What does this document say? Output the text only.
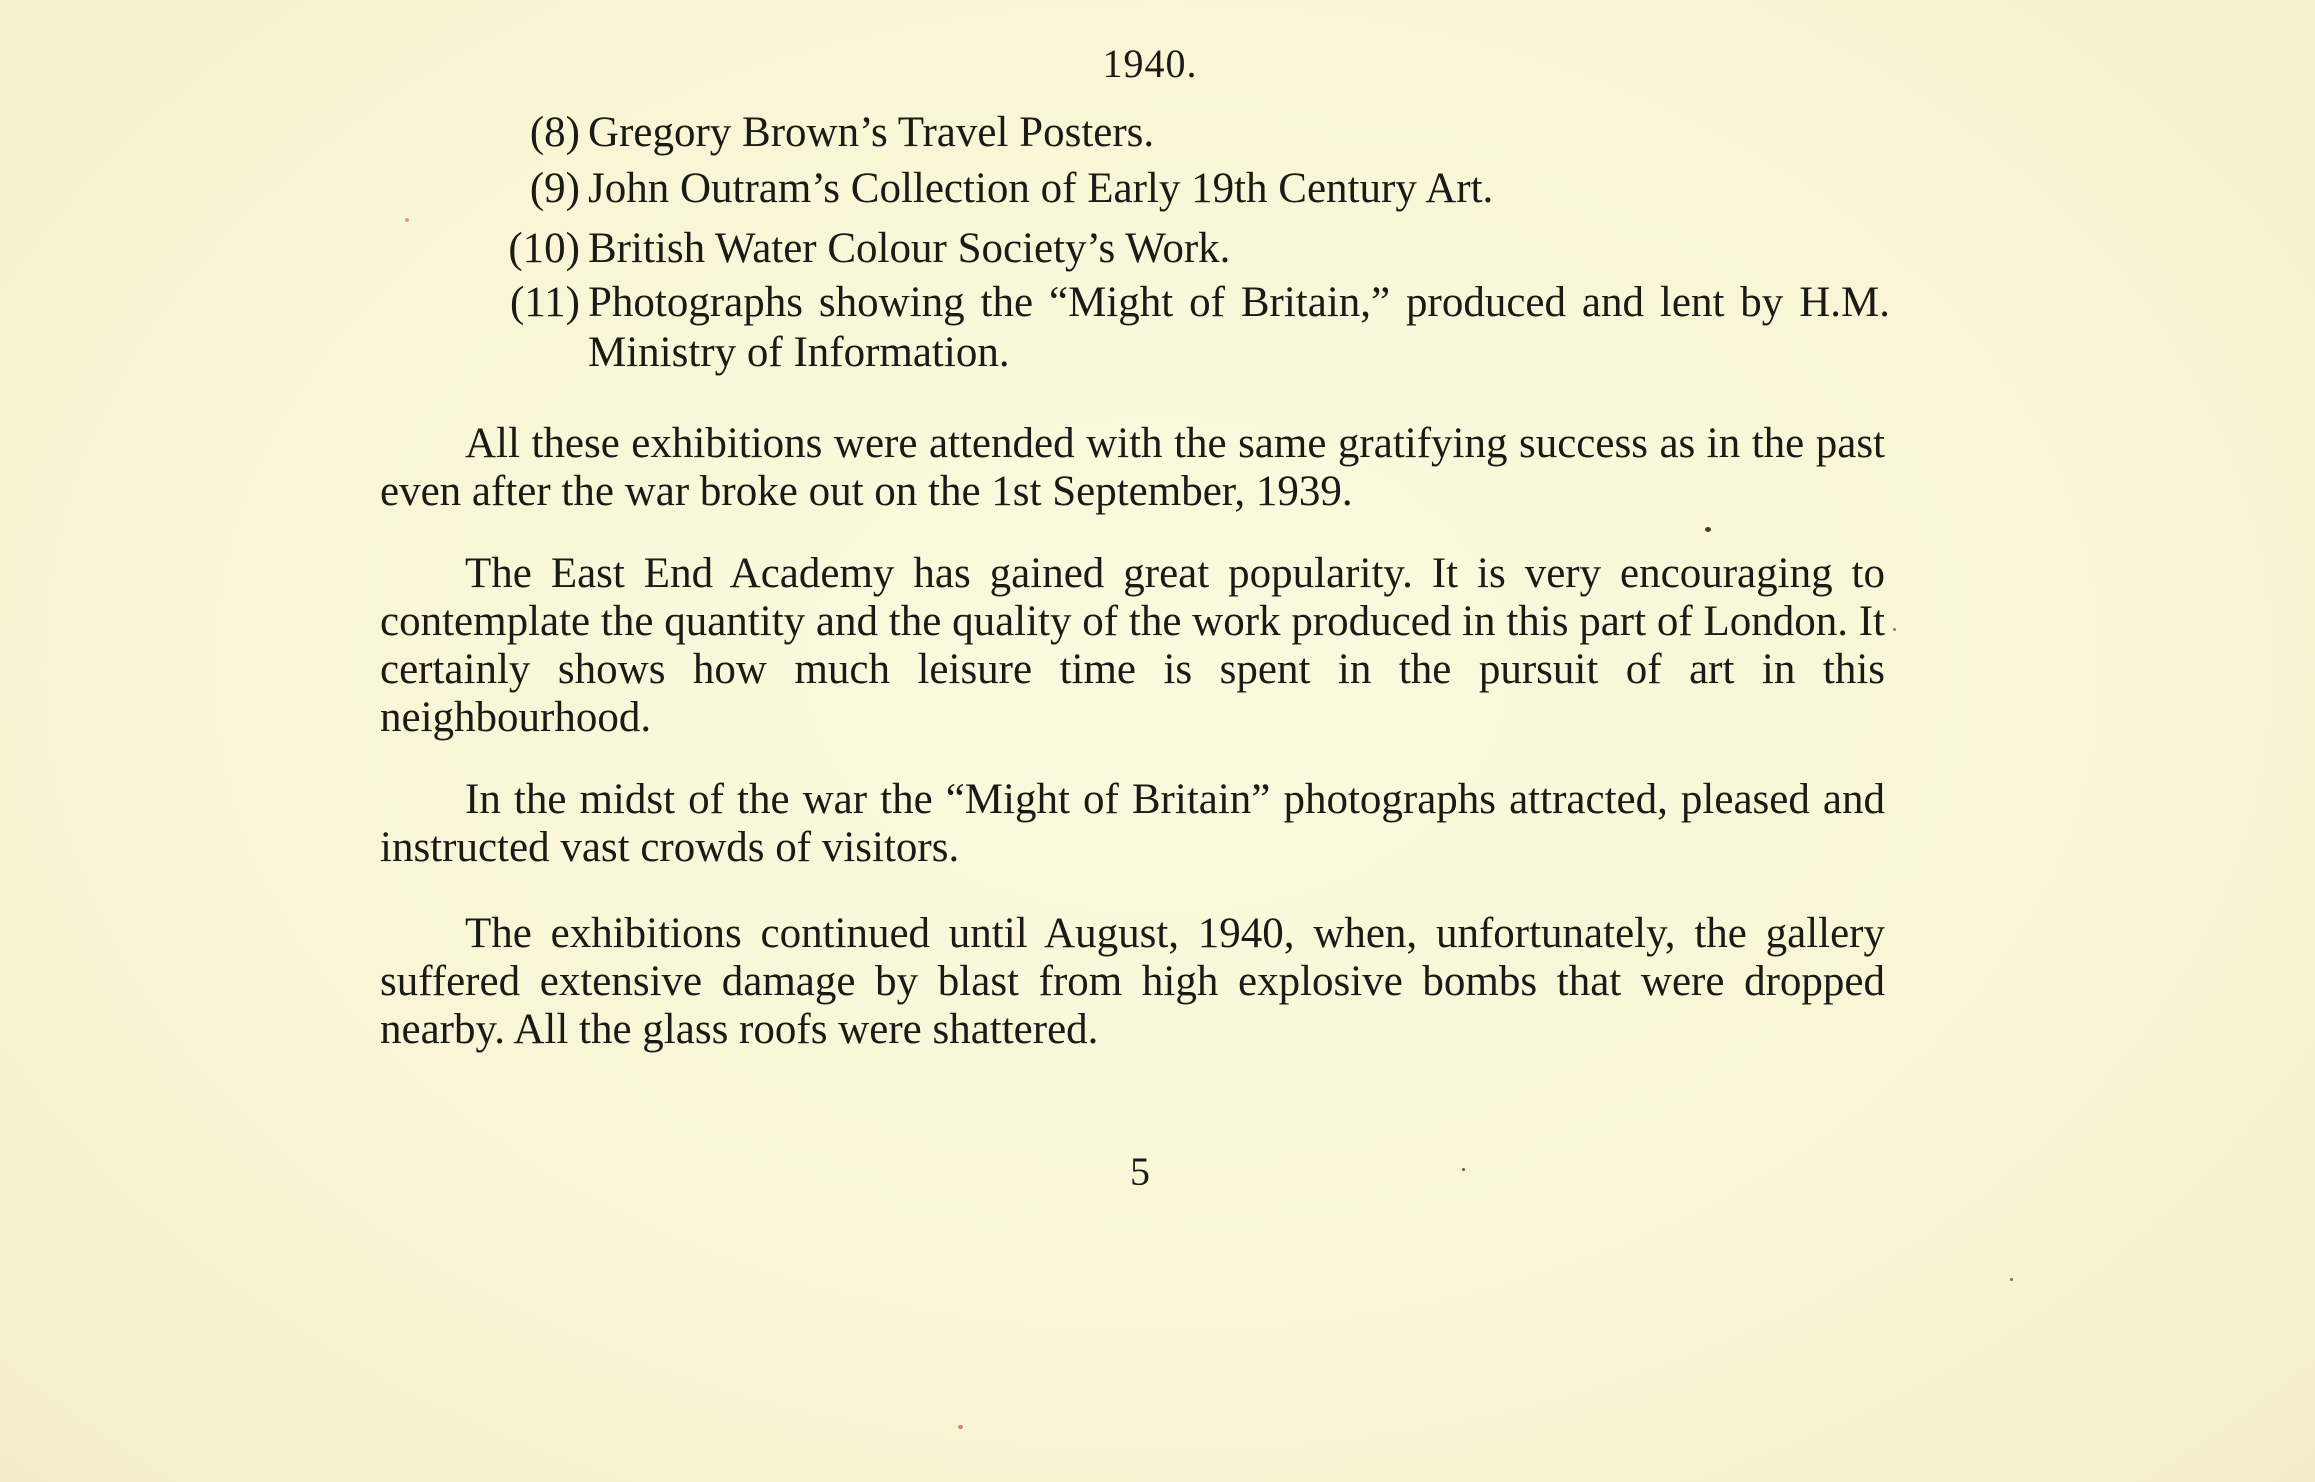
1940.
(8) Gregory Brown’s Travel Posters.
(9) John Outram’s Collection of Early 19th Century Art.
(10) British Water Colour Society’s Work.
(11) Photographs showing the “Might of Britain,” produced and lent by H.M. Ministry of Information.

All these exhibitions were attended with the same gratifying success as in the past even after the war broke out on the 1st September, 1939.

The East End Academy has gained great popularity. It is very encouraging to contemplate the quantity and the quality of the work produced in this part of London. It certainly shows how much leisure time is spent in the pursuit of art in this neighbourhood.

In the midst of the war the “Might of Britain” photographs attracted, pleased and instructed vast crowds of visitors.

The exhibitions continued until August, 1940, when, unfortunately, the gallery suffered extensive damage by blast from high explosive bombs that were dropped nearby. All the glass roofs were shattered.

5
